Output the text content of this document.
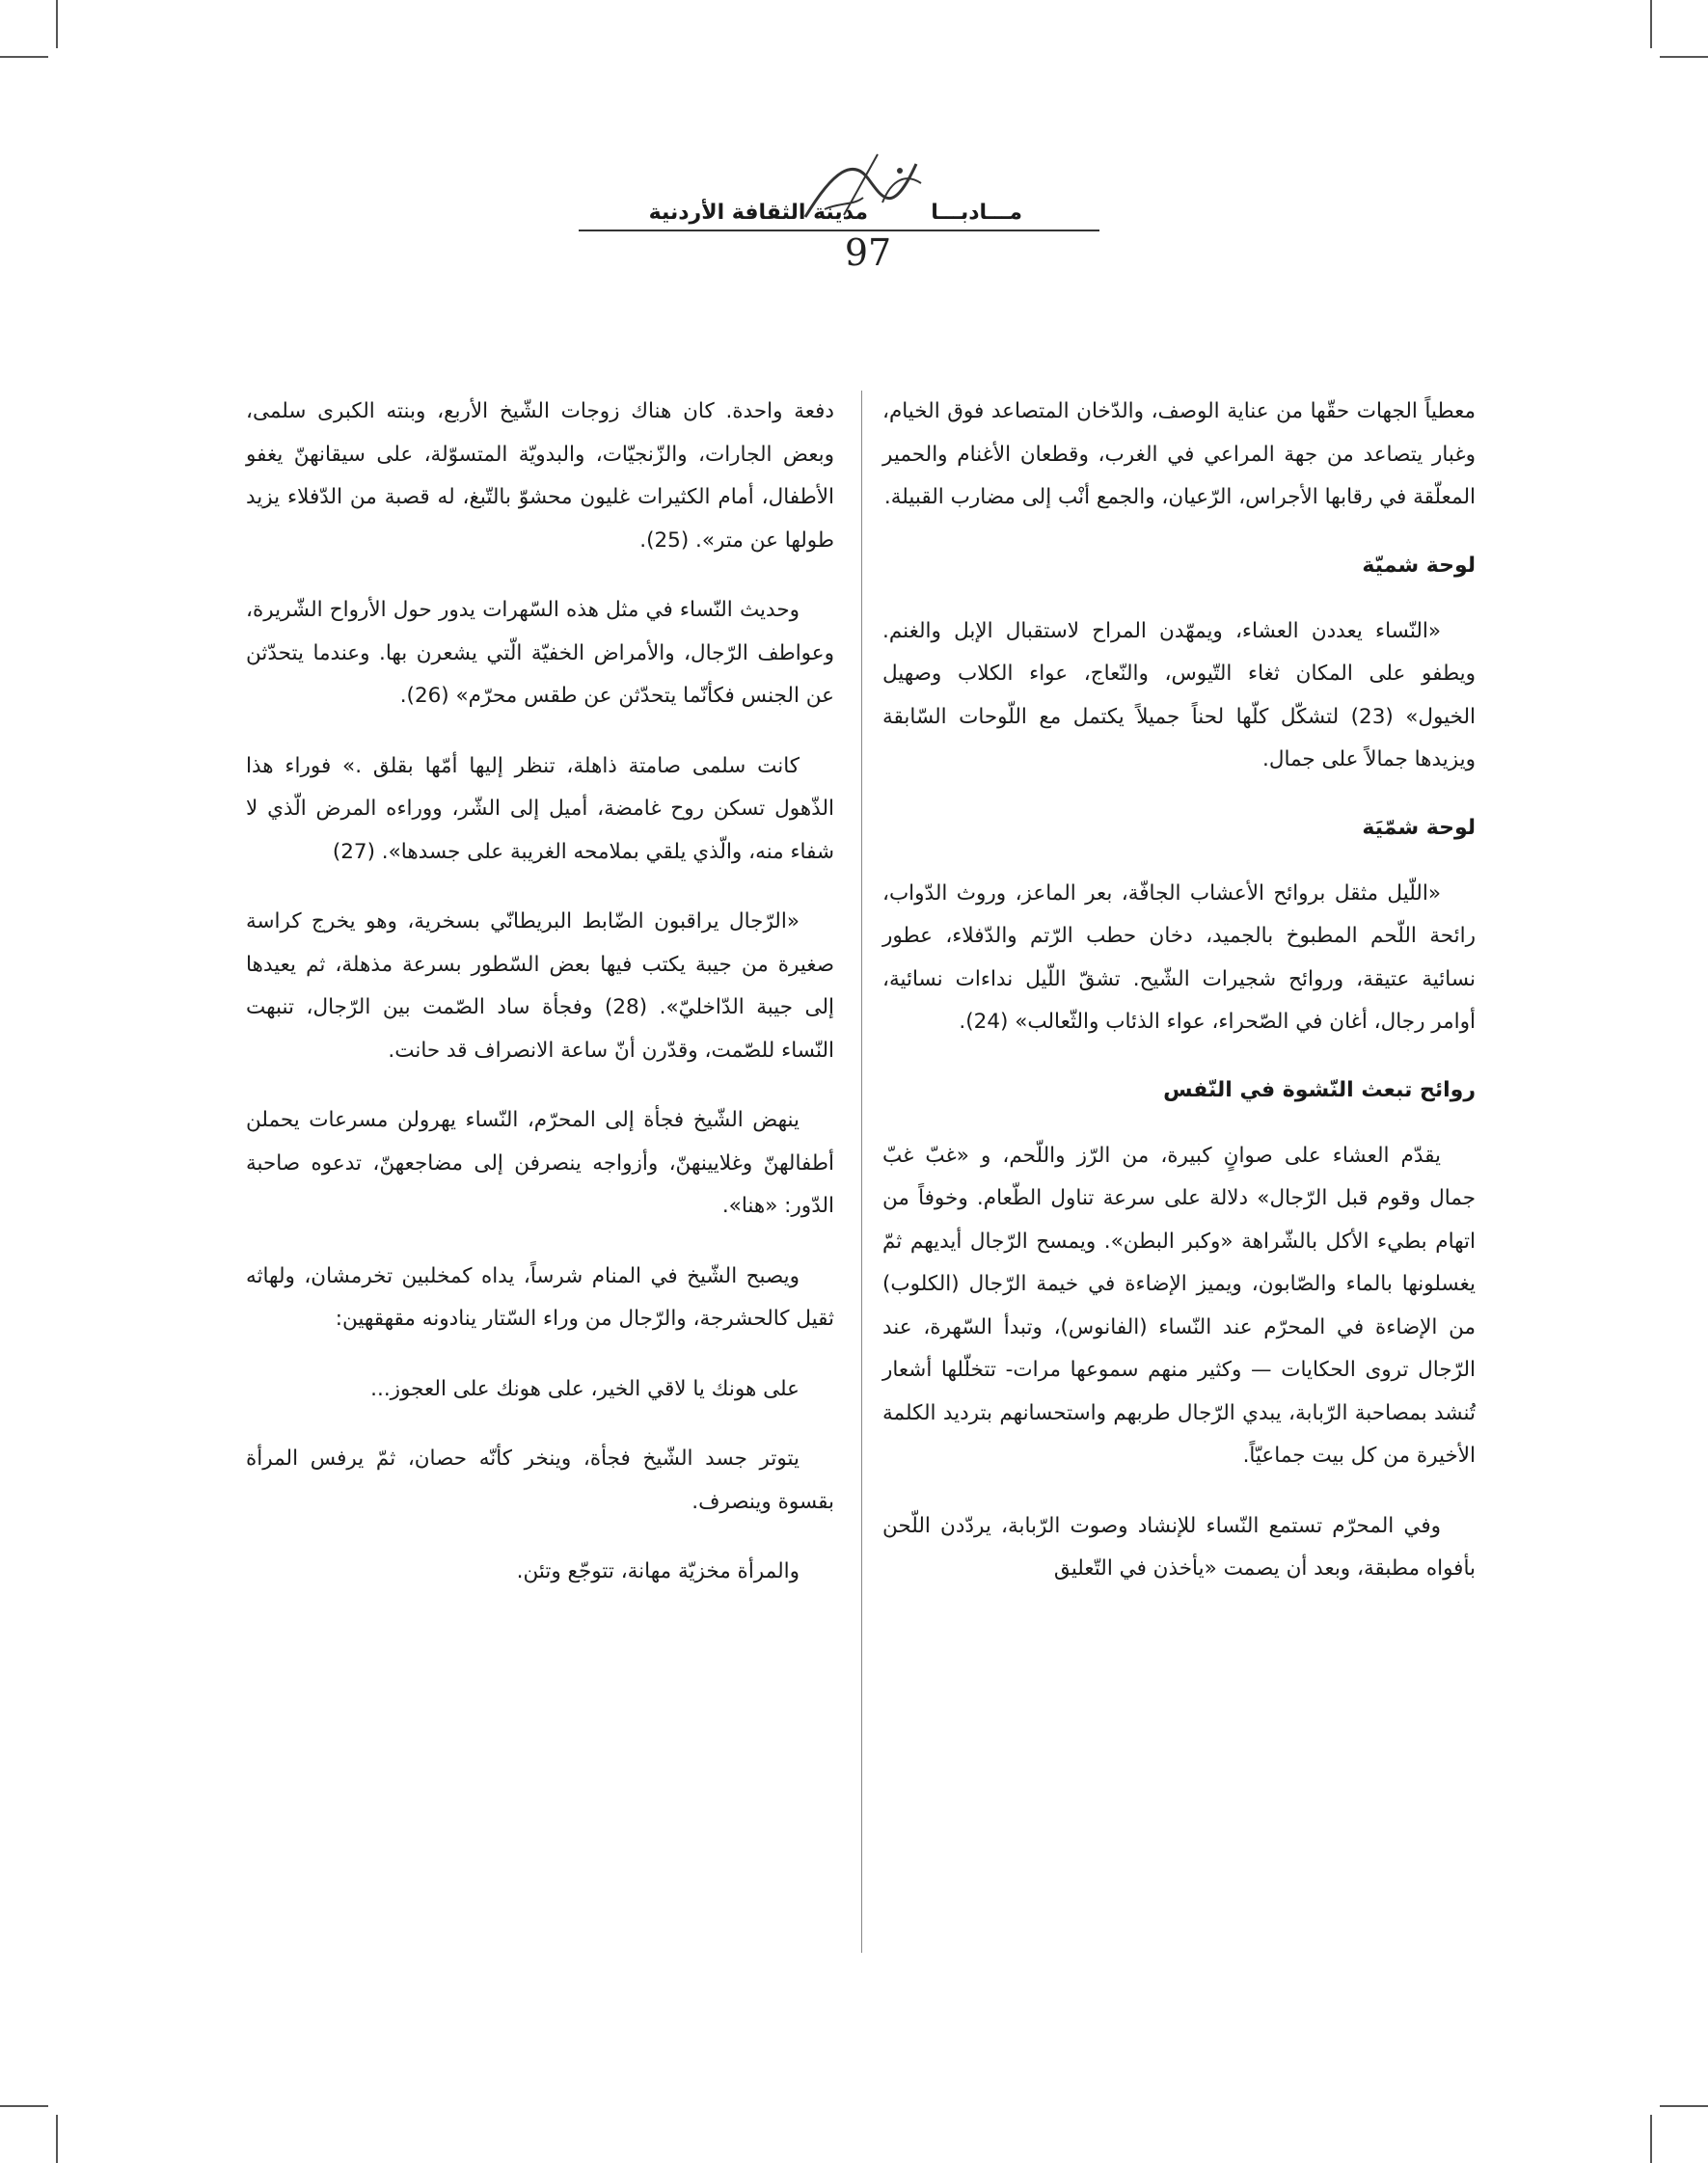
مدينة الثقافة الأردنية	مـــادبـــا
97

معطياً الجهات حقّها من عناية الوصف، والدّخان المتصاعد فوق الخيام، وغبار يتصاعد من جهة المراعي في الغرب، وقطعان الأغنام والحمير المعلّقة في رقابها الأجراس، الرّعيان، والجمع أنْب إلى مضارب القبيلة.

لوحة شميّة

«النّساء يعددن العشاء، ويمهّدن المراح لاستقبال الإبل والغنم. ويطفو على المكان ثغاء التّيوس، والنّعاج، عواء الكلاب وصهيل الخيول» (23) لتشكّل كلّها لحناً جميلاً يكتمل مع اللّوحات السّابقة ويزيدها جمالاً على جمال.

لوحة شمّيَة

«اللّيل مثقل بروائح الأعشاب الجافّة، بعر الماعز، وروث الدّواب، رائحة اللّحم المطبوخ بالجميد، دخان حطب الرّتم والدّفلاء، عطور نسائية عتيقة، وروائح شجيرات الشّيح. تشقّ اللّيل نداءات نسائية، أوامر رجال، أغان في الصّحراء، عواء الذئاب والثّعالب» (24).

روائح تبعث النّشوة في النّفس

يقدّم العشاء على صوانٍ كبيرة، من الرّز واللّحم، و «غبّ غبّ جمال وقوم قبل الرّجال» دلالة على سرعة تناول الطّعام. وخوفاً من اتهام بطيء الأكل بالشّراهة «وكبر البطن». ويمسح الرّجال أيديهم ثمّ يغسلونها بالماء والصّابون، ويميز الإضاءة في خيمة الرّجال (الكلوب) من الإضاءة في المحرّم عند النّساء (الفانوس)، وتبدأ السّهرة، عند الرّجال تروى الحكايات — وكثير منهم سموعها مرات- تتخلّلها أشعار تُنشد بمصاحبة الرّبابة، يبدي الرّجال طربهم واستحسانهم بترديد الكلمة الأخيرة من كل بيت جماعيّاً.

وفي المحرّم تستمع النّساء للإنشاد وصوت الرّبابة، يردّدن اللّحن بأفواه مطبقة، وبعد أن يصمت «يأخذن في التّعليق

دفعة واحدة. كان هناك زوجات الشّيخ الأربع، وبنته الكبرى سلمى، وبعض الجارات، والزّنجيّات، والبدويّة المتسوّلة، على سيقانهنّ يغفو الأطفال، أمام الكثيرات غليون محشوّ بالتّبغ، له قصبة من الدّفلاء يزيد طولها عن متر». (25).

وحديث النّساء في مثل هذه السّهرات يدور حول الأرواح الشّريرة، وعواطف الرّجال، والأمراض الخفيّة الّتي يشعرن بها. وعندما يتحدّثن عن الجنس فكأنّما يتحدّثن عن طقس محرّم» (26).

كانت سلمى صامتة ذاهلة، تنظر إليها أمّها بقلق .» فوراء هذا الذّهول تسكن روح غامضة، أميل إلى الشّر، ووراءه المرض الّذي لا شفاء منه، والّذي يلقي بملامحه الغريبة على جسدها». (27)

«الرّجال يراقبون الضّابط البريطانّي بسخرية، وهو يخرج كراسة صغيرة من جيبة يكتب فيها بعض السّطور بسرعة مذهلة، ثم يعيدها إلى جيبة الدّاخليّ». (28) وفجأة ساد الصّمت بين الرّجال، تنبهت النّساء للصّمت، وقدّرن أنّ ساعة الانصراف قد حانت.

ينهض الشّيخ فجأة إلى المحرّم، النّساء يهرولن مسرعات يحملن أطفالهنّ وغلايينهنّ، وأزواجه ينصرفن إلى مضاجعهنّ، تدعوه صاحبة الدّور: «هنا».

ويصبح الشّيخ في المنام شرساً، يداه كمخلبين تخرمشان، ولهاثه ثقيل كالحشرجة، والرّجال من وراء السّتار ينادونه مقهقهين:

على هونك يا لاقي الخير، على هونك على العجوز...

يتوتر جسد الشّيخ فجأة، وينخر كأنّه حصان، ثمّ يرفس المرأة بقسوة وينصرف.

والمرأة مخزيّة مهانة، تتوجّع وتئن.
